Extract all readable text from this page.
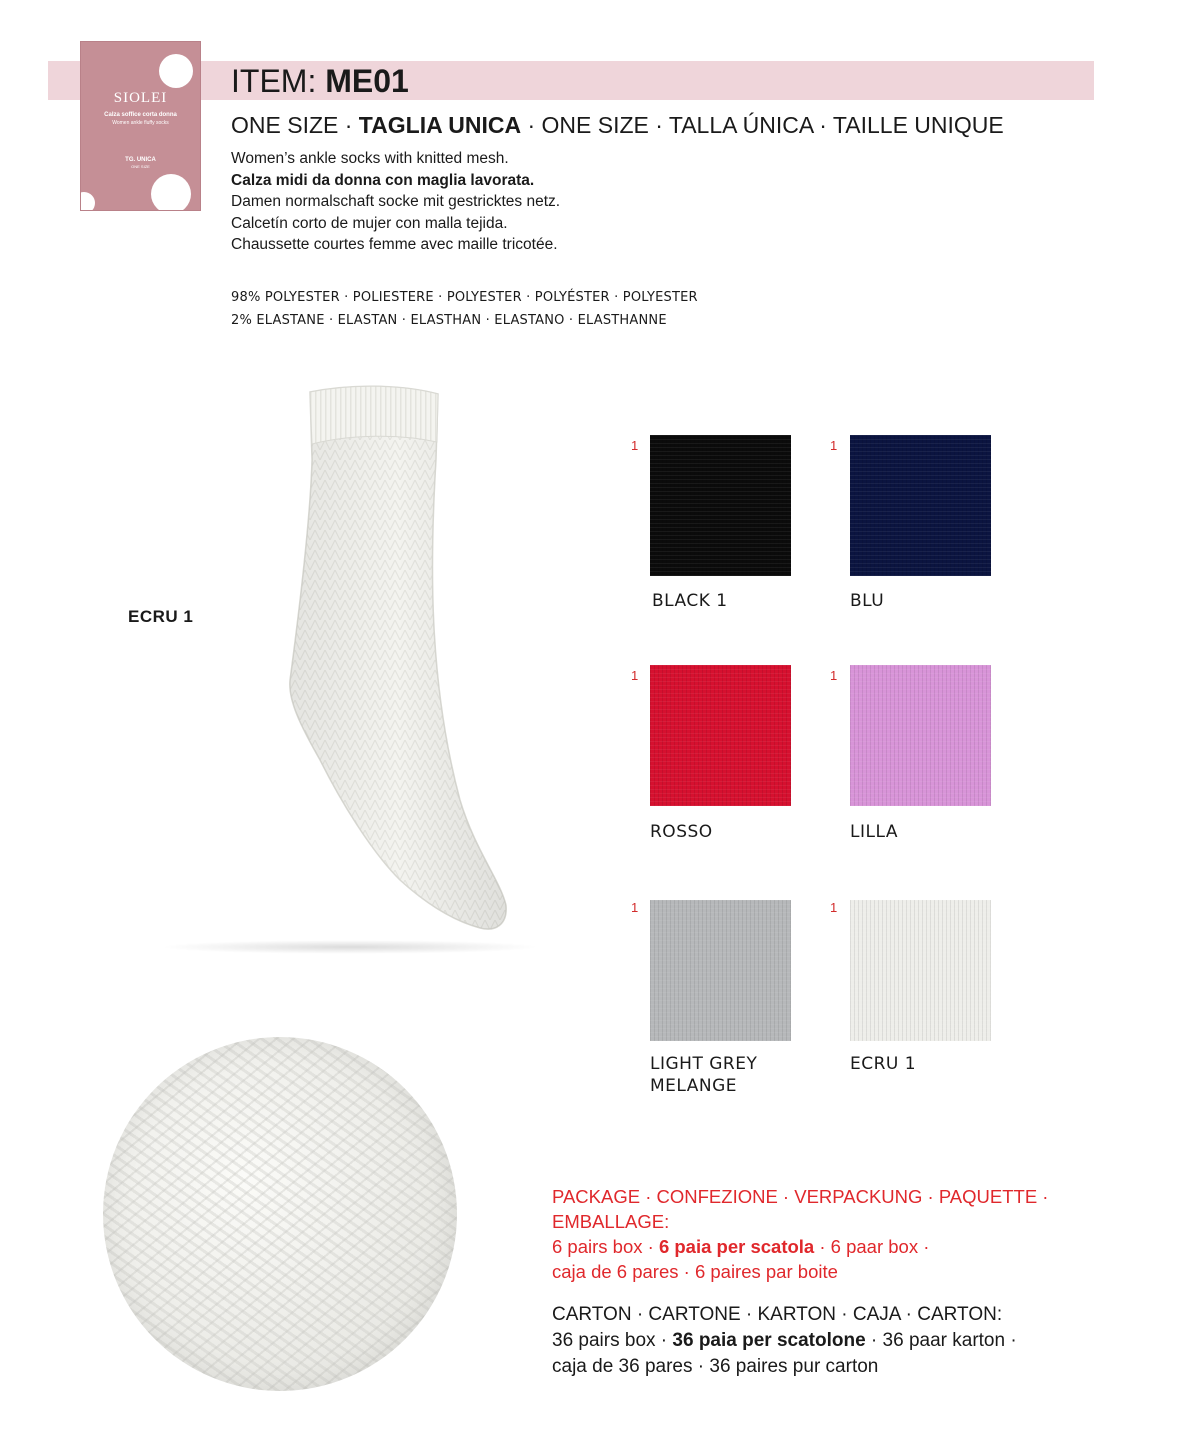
SIOLEI
Calza soffice corta donna
Women ankle fluffy socks
TG. UNICA
ONE SIZE
ITEM: ME01
ONE SIZE · TAGLIA UNICA · ONE SIZE · TALLA ÚNICA · TAILLE UNIQUE
Women’s ankle socks with knitted mesh.
Calza midi da donna con maglia lavorata.
Damen normalschaft socke mit gestricktes netz.
Calcetín corto de mujer con malla tejida.
Chaussette courtes femme avec maille tricotée.
98% POLYESTER · POLIESTERE · POLYESTER · POLYÉSTER · POLYESTER
2% ELASTANE · ELASTAN · ELASTHAN · ELASTANO · ELASTHANNE
ECRU 1
1
BLACK 1
1
BLU
1
ROSSO
1
LILLA
1
LIGHT GREY
MELANGE
1
ECRU 1
PACKAGE · CONFEZIONE · VERPACKUNG · PAQUETTE ·
EMBALLAGE:
6 pairs box · 6 paia per scatola · 6 paar box ·
caja de 6 pares · 6 paires par boite
CARTON · CARTONE · KARTON · CAJA · CARTON:
36 pairs box · 36 paia per scatolone · 36 paar karton ·
caja de 36 pares · 36 paires pur carton
